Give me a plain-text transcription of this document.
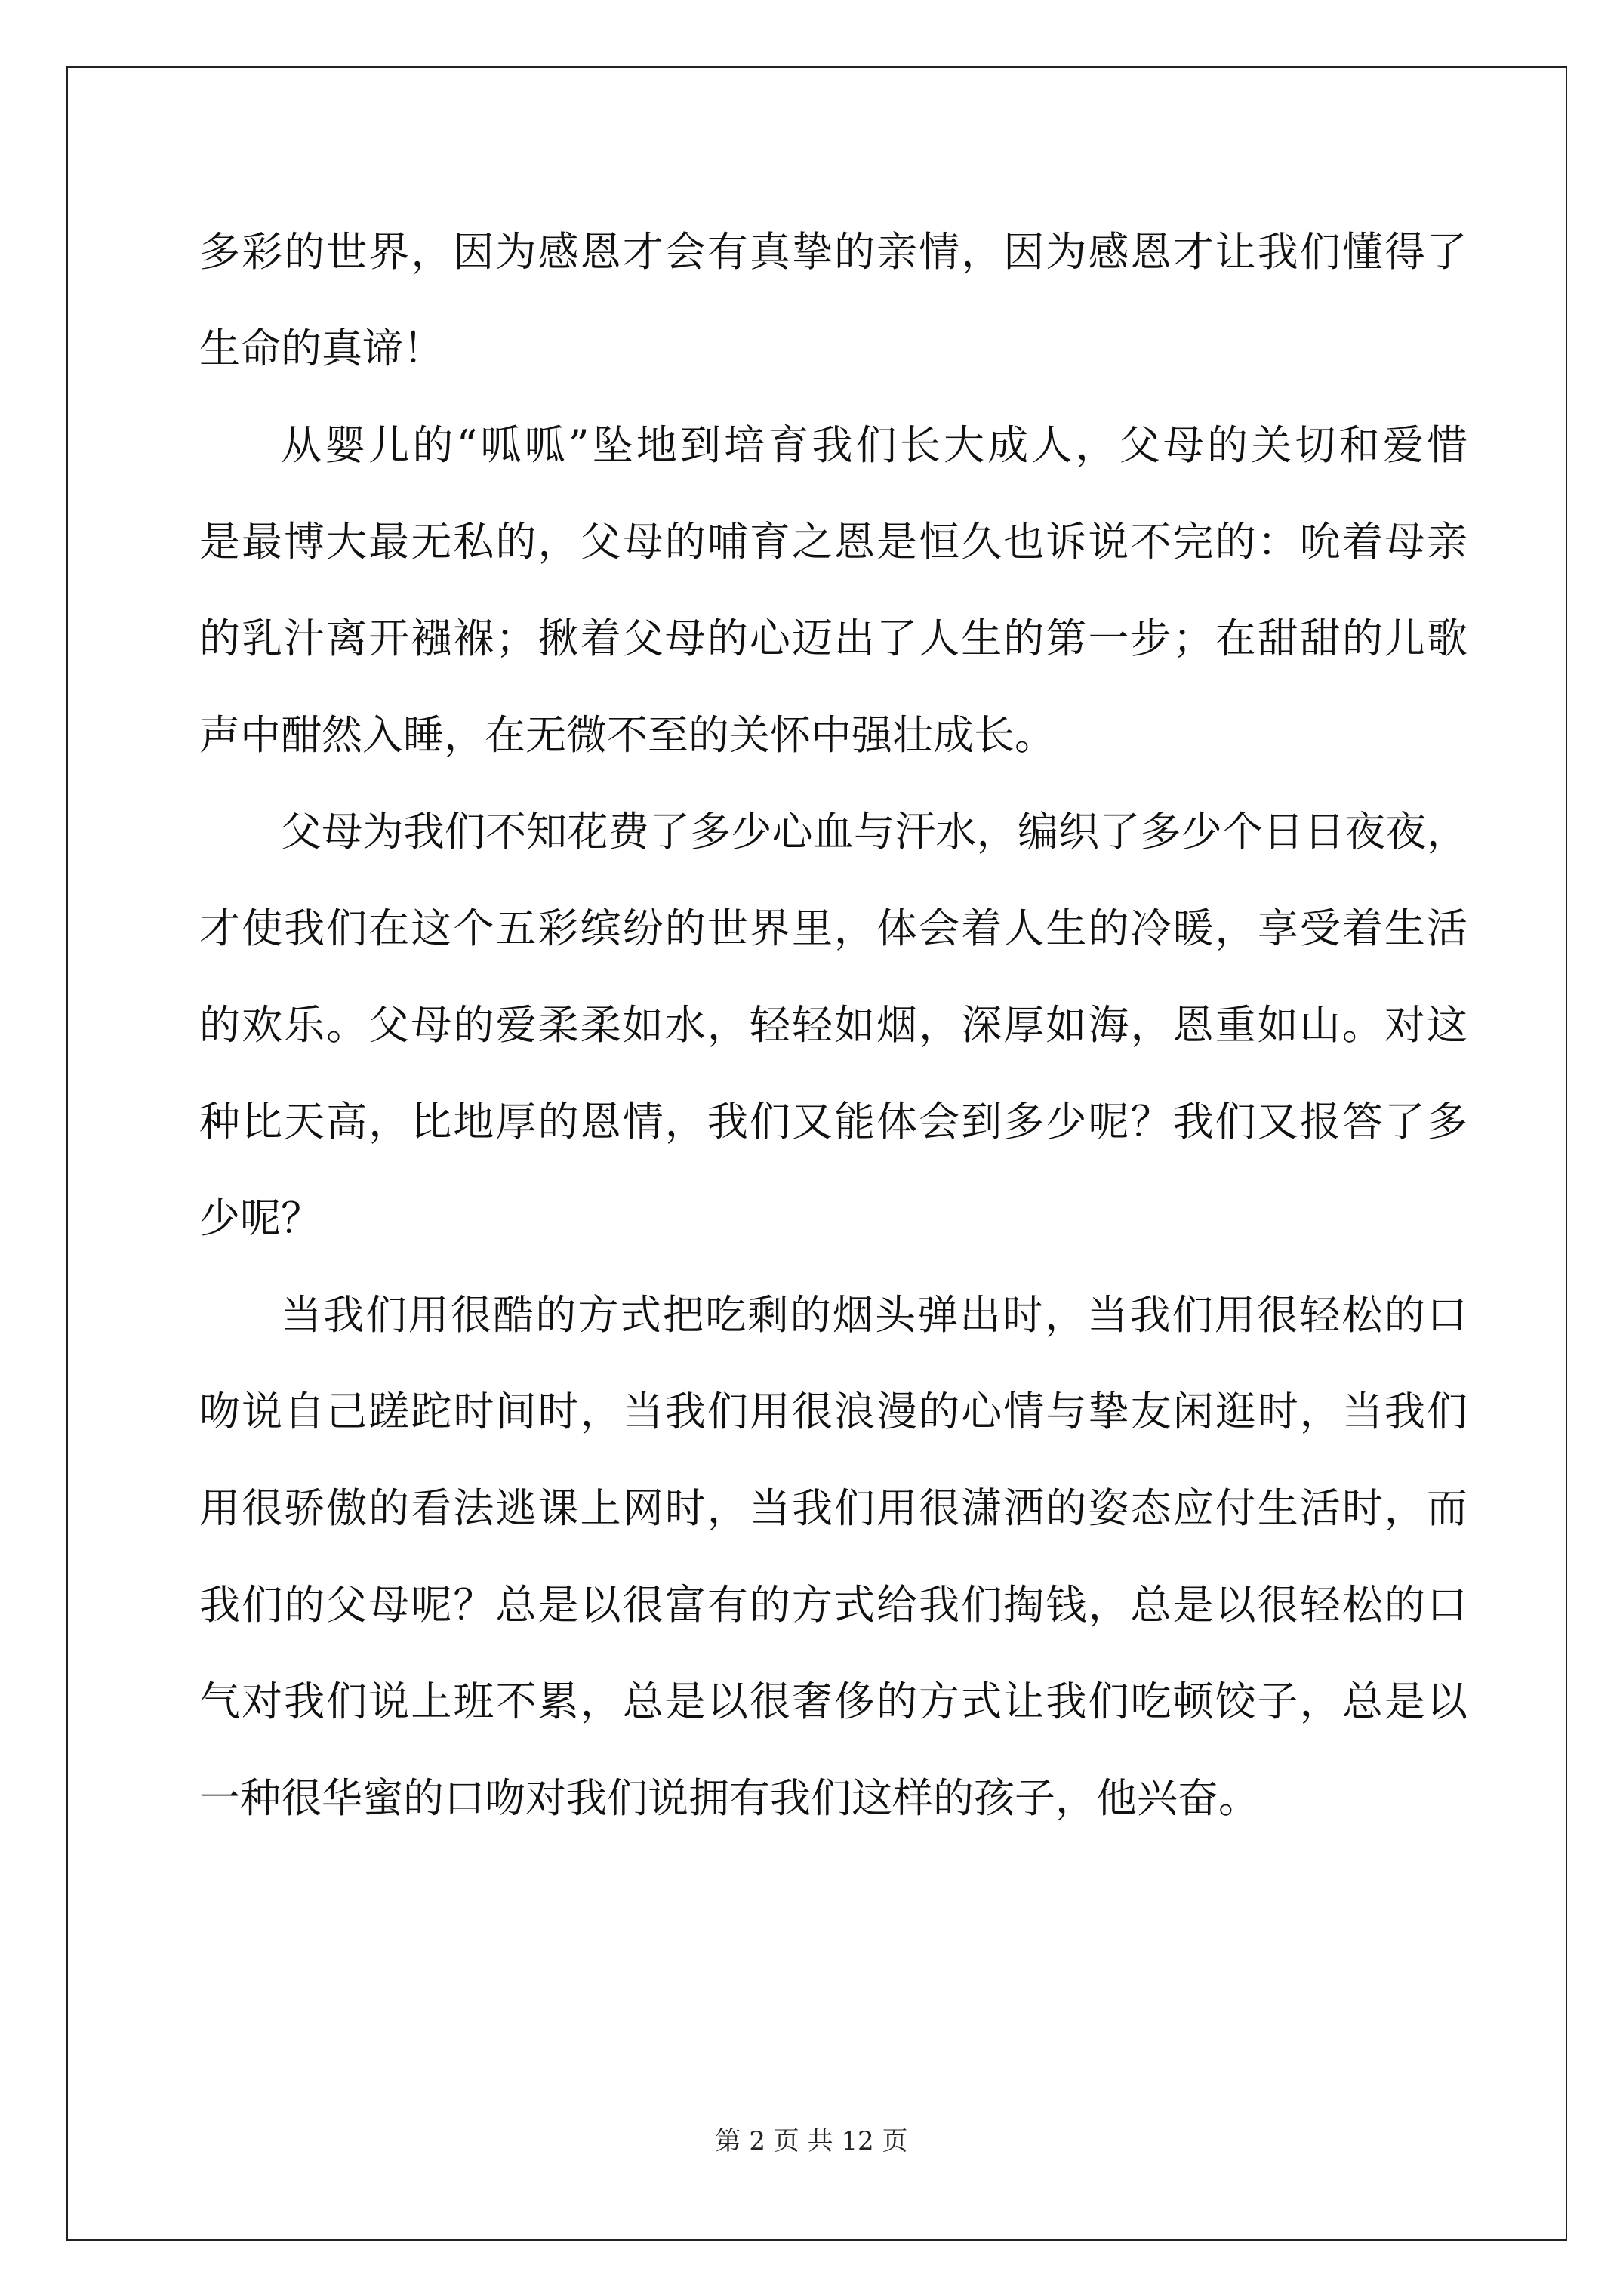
多彩的世界，因为感恩才会有真挚的亲情，因为感恩才让我们懂得了
生命的真谛！
从婴儿的“呱呱”坠地到培育我们长大成人，父母的关切和爱惜
是最博大最无私的，父母的哺育之恩是恒久也诉说不完的：吮着母亲
的乳汁离开襁褓；揪着父母的心迈出了人生的第一步；在甜甜的儿歌
声中酣然入睡，在无微不至的关怀中强壮成长。
父母为我们不知花费了多少心血与汗水，编织了多少个日日夜夜，
才使我们在这个五彩缤纷的世界里，体会着人生的冷暖，享受着生活
的欢乐。父母的爱柔柔如水，轻轻如烟，深厚如海，恩重如山。对这
种比天高，比地厚的恩情，我们又能体会到多少呢？我们又报答了多
少呢？
当我们用很酷的方式把吃剩的烟头弹出时，当我们用很轻松的口
吻说自己蹉跎时间时，当我们用很浪漫的心情与挚友闲逛时，当我们
用很骄傲的看法逃课上网时，当我们用很潇洒的姿态应付生活时，而
我们的父母呢？总是以很富有的方式给我们掏钱，总是以很轻松的口
气对我们说上班不累，总是以很奢侈的方式让我们吃顿饺子，总是以
一种很华蜜的口吻对我们说拥有我们这样的孩子，他兴奋。
第 2 页 共 12 页
